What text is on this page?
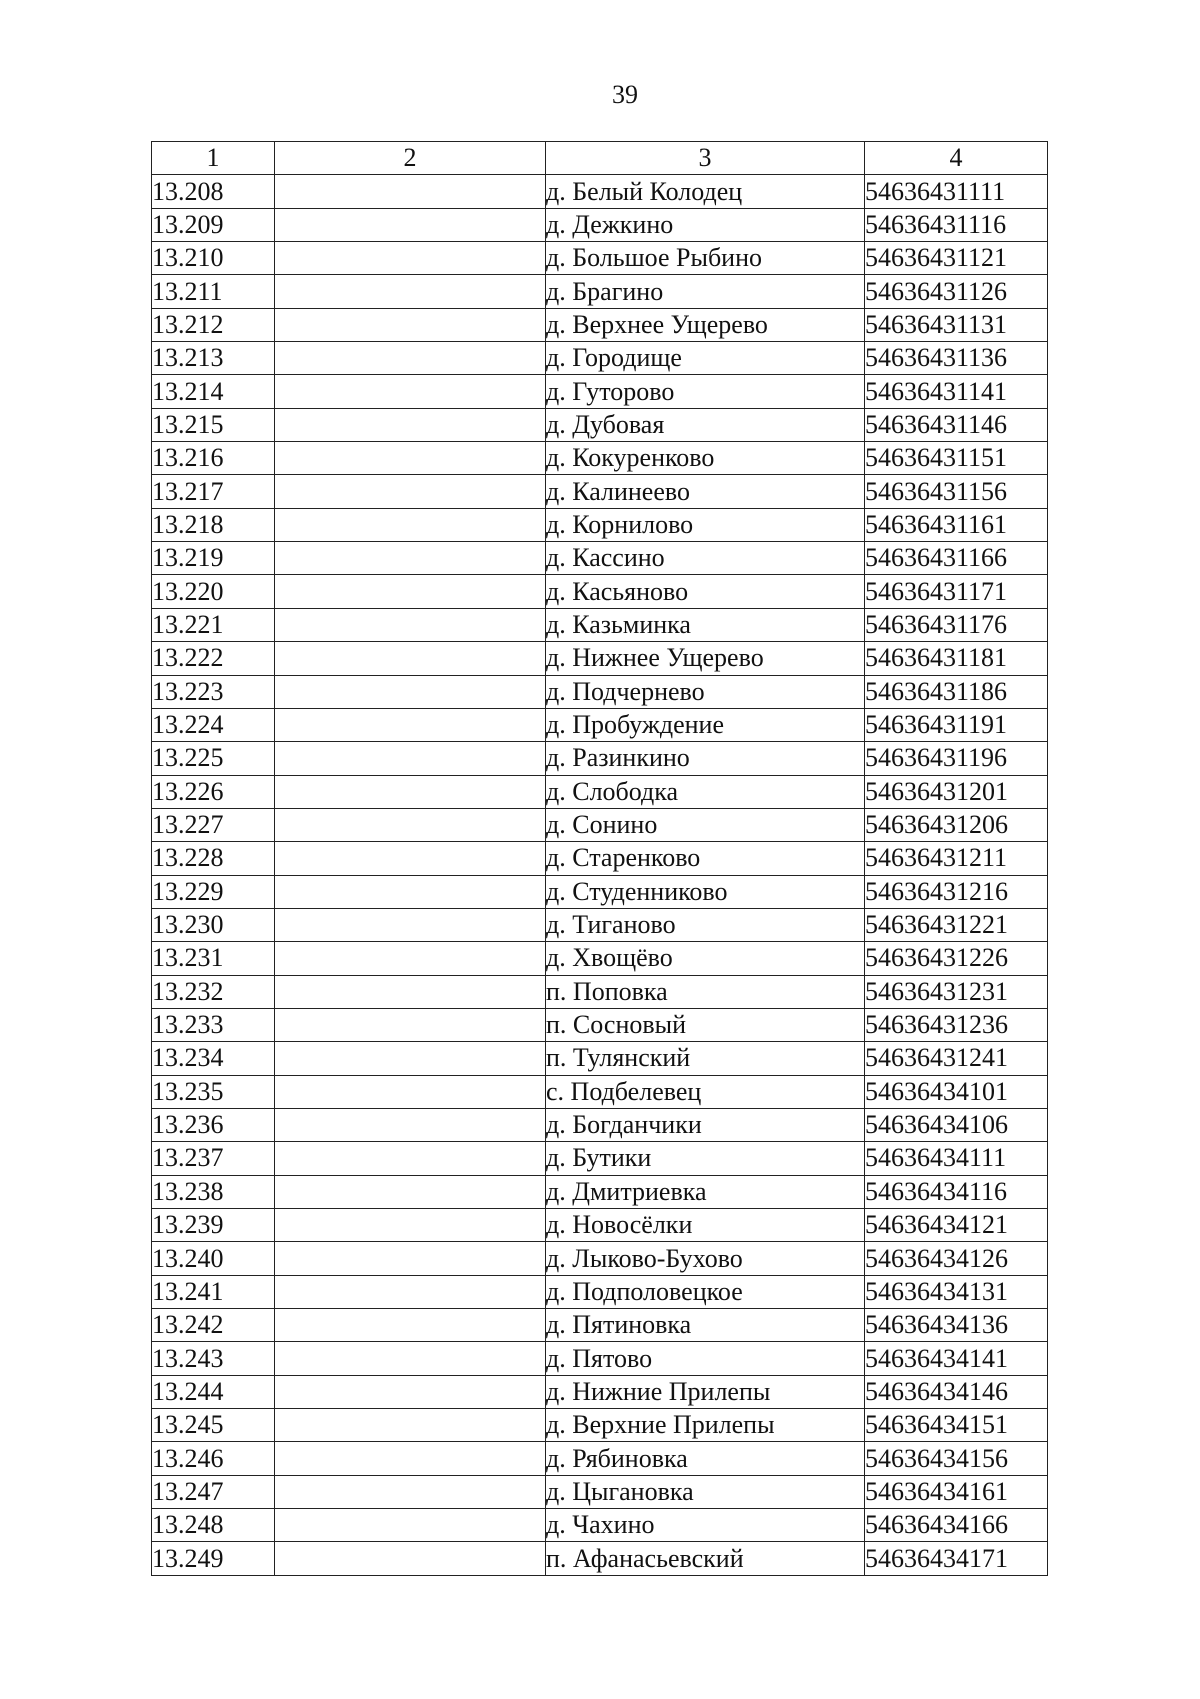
39
1	2	3	4
13.208		д. Белый Колодец	54636431111
13.209		д. Дежкино	54636431116
13.210		д. Большое Рыбино	54636431121
13.211		д. Брагино	54636431126
13.212		д. Верхнее Ущерево	54636431131
13.213		д. Городище	54636431136
13.214		д. Гуторово	54636431141
13.215		д. Дубовая	54636431146
13.216		д. Кокуренково	54636431151
13.217		д. Калинеево	54636431156
13.218		д. Корнилово	54636431161
13.219		д. Кассино	54636431166
13.220		д. Касьяново	54636431171
13.221		д. Казьминка	54636431176
13.222		д. Нижнее Ущерево	54636431181
13.223		д. Подчернево	54636431186
13.224		д. Пробуждение	54636431191
13.225		д. Разинкино	54636431196
13.226		д. Слободка	54636431201
13.227		д. Сонино	54636431206
13.228		д. Старенково	54636431211
13.229		д. Студенниково	54636431216
13.230		д. Тиганово	54636431221
13.231		д. Хвощёво	54636431226
13.232		п. Поповка	54636431231
13.233		п. Сосновый	54636431236
13.234		п. Тулянский	54636431241
13.235		с. Подбелевец	54636434101
13.236		д. Богданчики	54636434106
13.237		д. Бутики	54636434111
13.238		д. Дмитриевка	54636434116
13.239		д. Новосёлки	54636434121
13.240		д. Лыково-Бухово	54636434126
13.241		д. Подполовецкое	54636434131
13.242		д. Пятиновка	54636434136
13.243		д. Пятово	54636434141
13.244		д. Нижние Прилепы	54636434146
13.245		д. Верхние Прилепы	54636434151
13.246		д. Рябиновка	54636434156
13.247		д. Цыгановка	54636434161
13.248		д. Чахино	54636434166
13.249		п. Афанасьевский	54636434171
